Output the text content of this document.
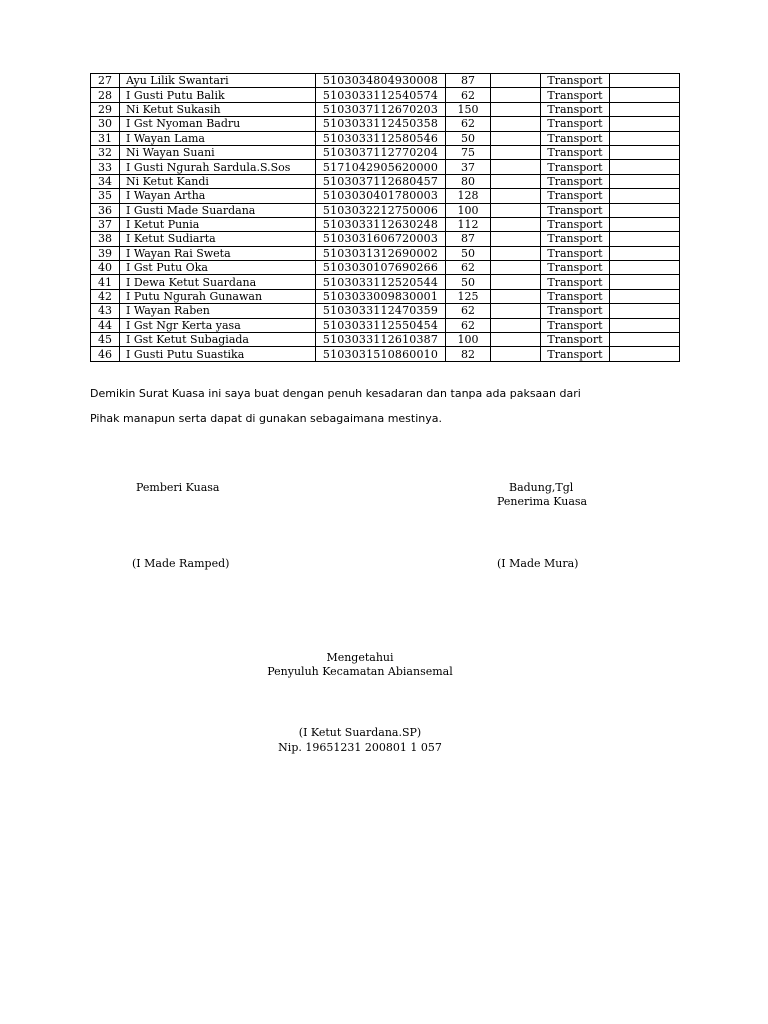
27	Ayu Lilik Swantari	5103034804930008	87		Transport	
28	I Gusti Putu Balik	5103033112540574	62		Transport	
29	Ni Ketut Sukasih	5103037112670203	150		Transport	
30	I Gst Nyoman Badru	5103033112450358	62		Transport	
31	I Wayan Lama	5103033112580546	50		Transport	
32	Ni Wayan Suani	5103037112770204	75		Transport	
33	I Gusti Ngurah Sardula.S.Sos	5171042905620000	37		Transport	
34	Ni Ketut Kandi	5103037112680457	80		Transport	
35	I Wayan Artha	5103030401780003	128		Transport	
36	I Gusti Made Suardana	5103032212750006	100		Transport	
37	I Ketut Punia	5103033112630248	112		Transport	
38	I Ketut Sudiarta	5103031606720003	87		Transport	
39	I Wayan Rai Sweta	5103031312690002	50		Transport	
40	I Gst Putu Oka	5103030107690266	62		Transport	
41	I Dewa Ketut Suardana	5103033112520544	50		Transport	
42	I Putu Ngurah Gunawan	5103033009830001	125		Transport	
43	I Wayan Raben	5103033112470359	62		Transport	
44	I Gst Ngr Kerta yasa	5103033112550454	62		Transport	
45	I Gst Ketut Subagiada	5103033112610387	100		Transport	
46	I Gusti Putu Suastika	5103031510860010	82		Transport	
Demikin Surat Kuasa ini saya buat dengan penuh kesadaran dan tanpa ada paksaan dari
Pihak manapun serta dapat di gunakan sebagaimana mestinya.
Pemberi Kuasa	Badung,Tgl
Penerima Kuasa
(I Made Ramped)	(I Made Mura)
Mengetahui
Penyuluh Kecamatan Abiansemal
(I Ketut Suardana.SP)
Nip. 19651231 200801 1 057
